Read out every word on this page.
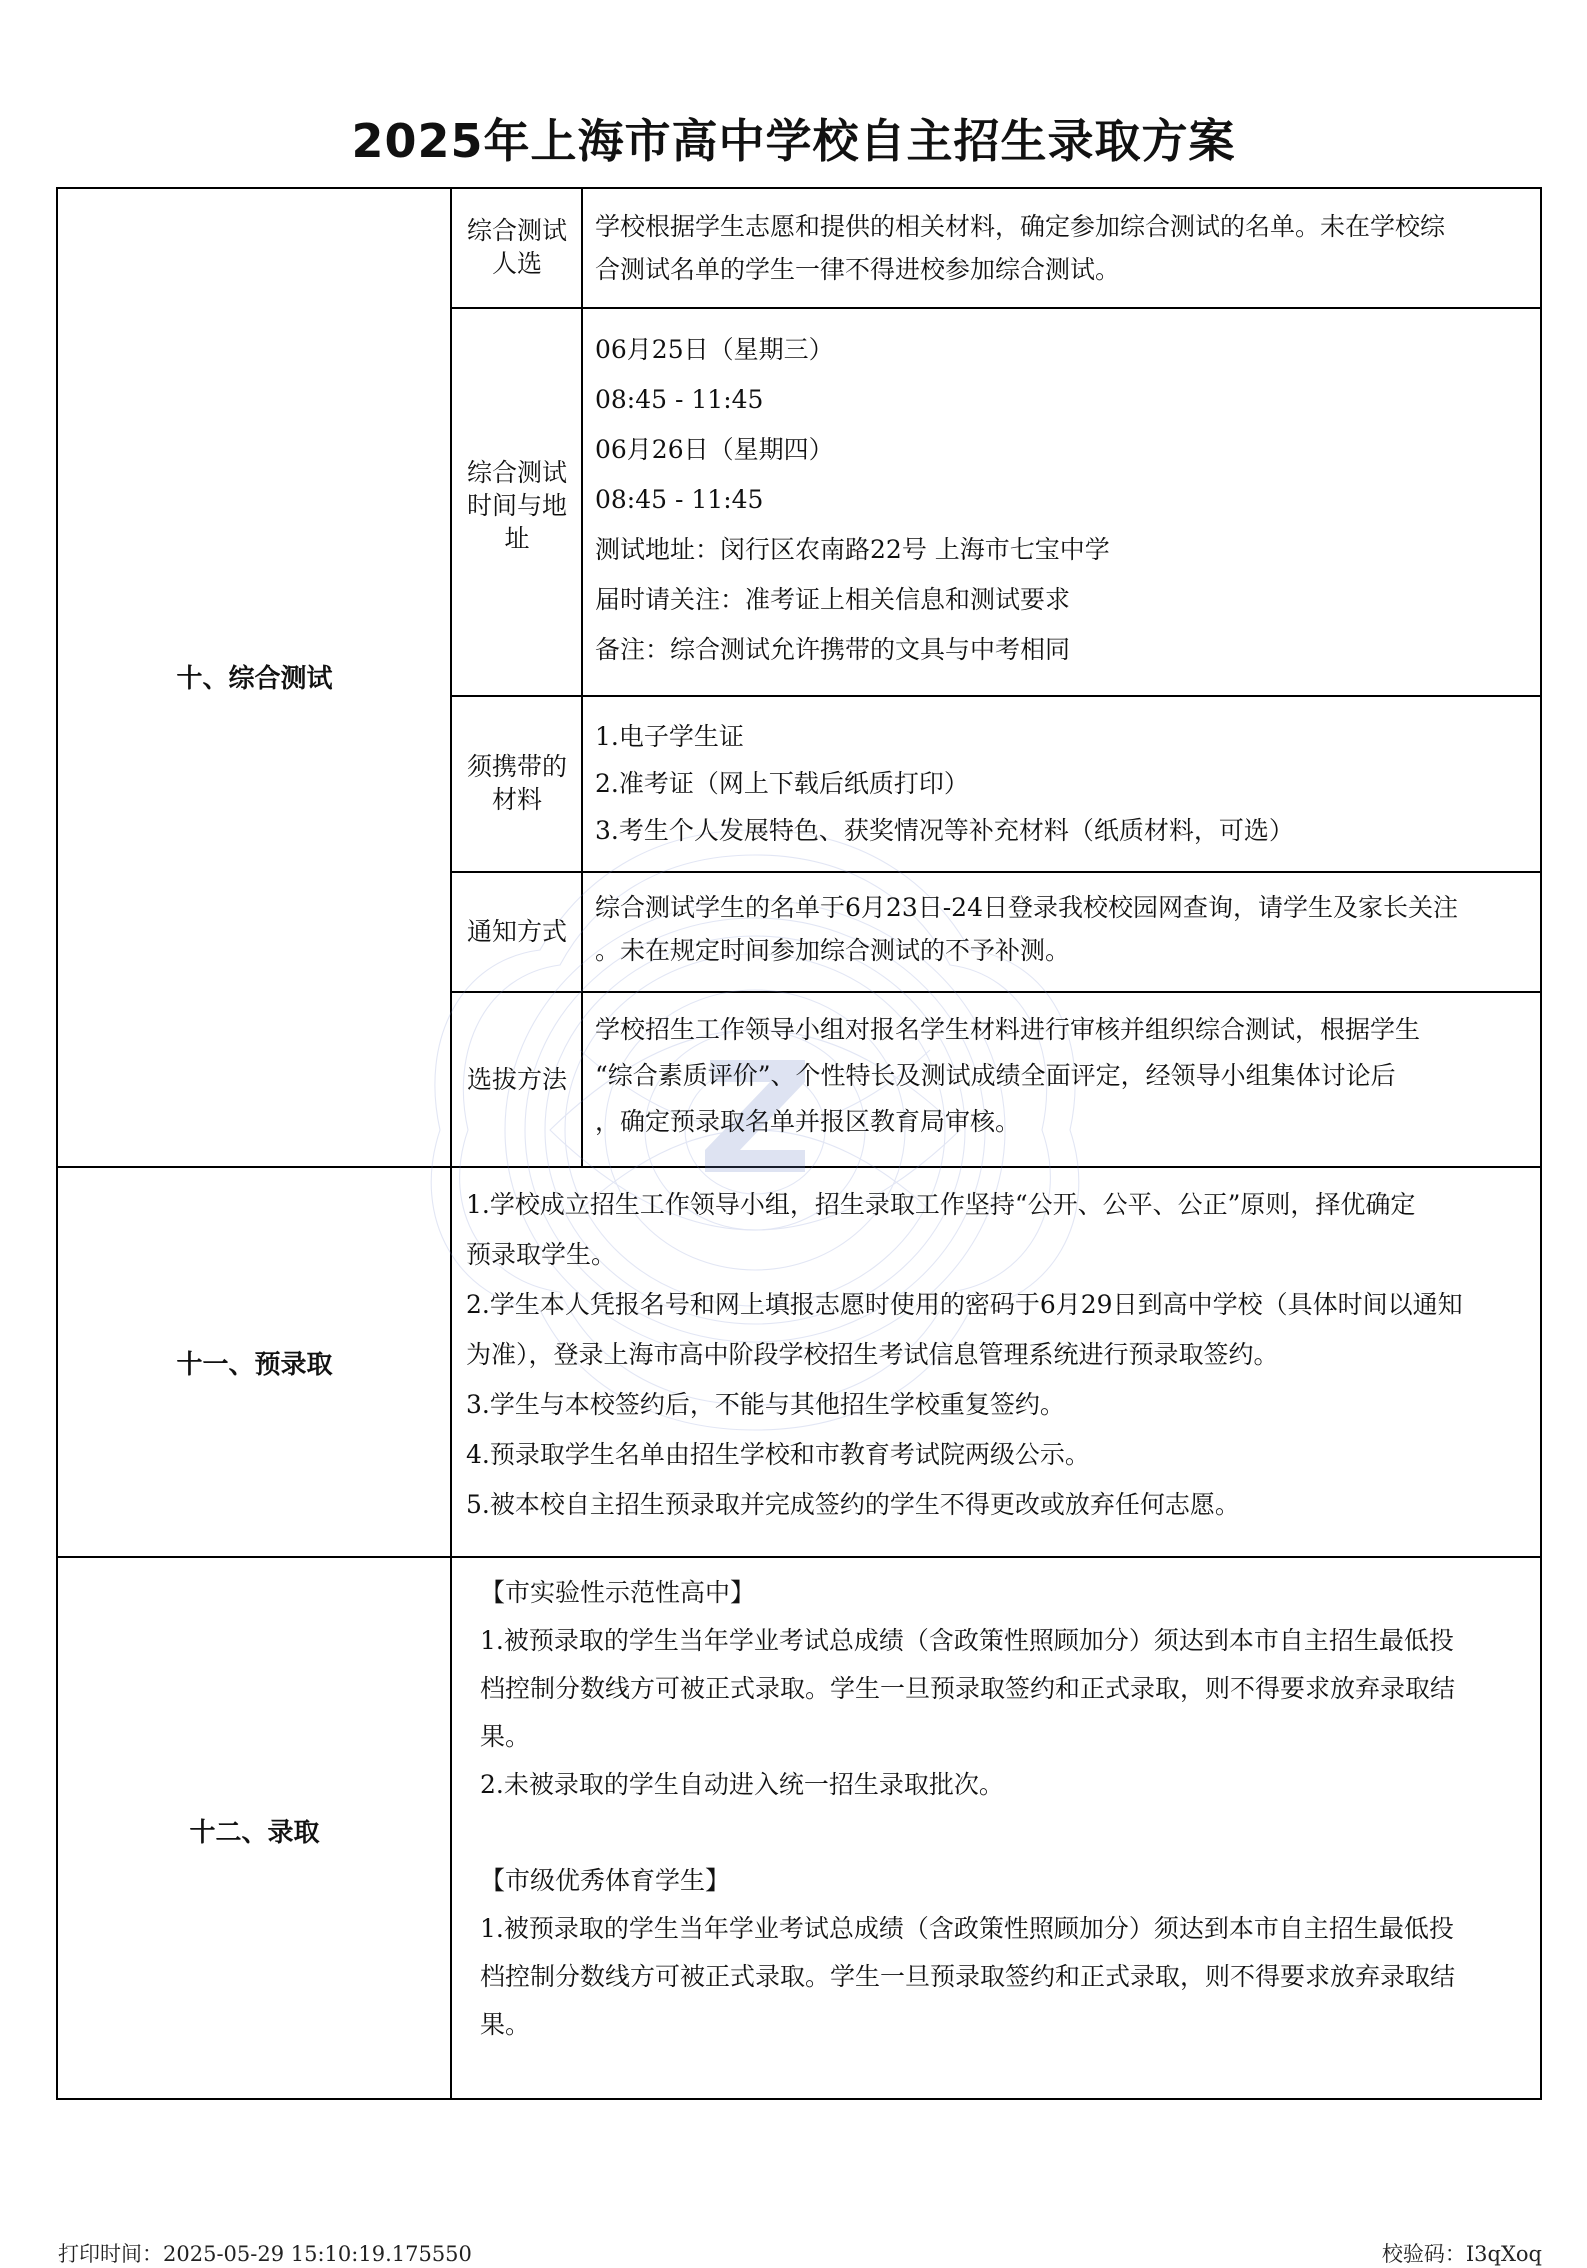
2025年上海市高中学校自主招生录取方案
十、综合测试
综合测试
人选

学校根据学生志愿和提供的相关材料，确定参加综合测试的名单。未在学校综

合测试名单的学生一律不得进校参加综合测试。

综合测试
时间与地
址

06月25日（星期三）

08:45 - 11:45

06月26日（星期四）

08:45 - 11:45

测试地址：闵行区农南路22号 上海市七宝中学

届时请关注：准考证上相关信息和测试要求

备注：综合测试允许携带的文具与中考相同

须携带的
材料

1.电子学生证

2.准考证（网上下载后纸质打印）

3.考生个人发展特色、获奖情况等补充材料（纸质材料，可选）

通知方式

综合测试学生的名单于6月23日-24日登录我校校园网查询，请学生及家长关注

。未在规定时间参加综合测试的不予补测。

选拔方法

学校招生工作领导小组对报名学生材料进行审核并组织综合测试，根据学生

“综合素质评价”、个性特长及测试成绩全面评定，经领导小组集体讨论后

，确定预录取名单并报区教育局审核。

十一、预录取

1.学校成立招生工作领导小组，招生录取工作坚持“公开、公平、公正”原则，择优确定

预录取学生。

2.学生本人凭报名号和网上填报志愿时使用的密码于6月29日到高中学校（具体时间以通知

为准），登录上海市高中阶段学校招生考试信息管理系统进行预录取签约。

3.学生与本校签约后，不能与其他招生学校重复签约。

4.预录取学生名单由招生学校和市教育考试院两级公示。

5.被本校自主招生预录取并完成签约的学生不得更改或放弃任何志愿。

十二、录取

【市实验性示范性高中】

1.被预录取的学生当年学业考试总成绩（含政策性照顾加分）须达到本市自主招生最低投

档控制分数线方可被正式录取。学生一旦预录取签约和正式录取，则不得要求放弃录取结

果。

2.未被录取的学生自动进入统一招生录取批次。

【市级优秀体育学生】

1.被预录取的学生当年学业考试总成绩（含政策性照顾加分）须达到本市自主招生最低投

档控制分数线方可被正式录取。学生一旦预录取签约和正式录取，则不得要求放弃录取结

果。

打印时间：2025-05-29 15:10:19.175550	校验码：I3qXoq
